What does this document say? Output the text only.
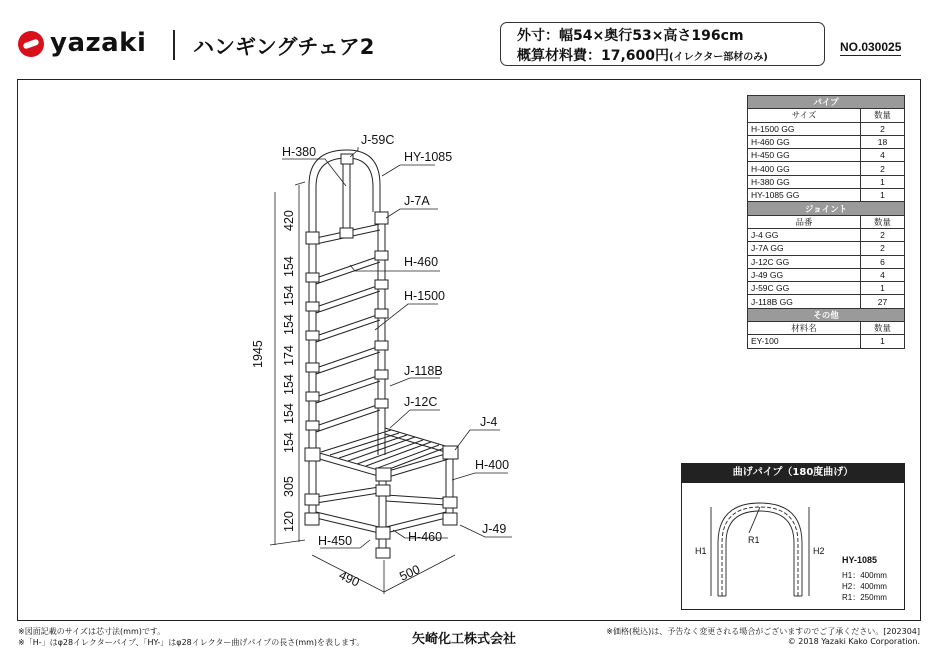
yazaki ハンギングチェア2	外寸：幅54×奥行53×高さ196cm
概算材料費：17,600円(イレクター部材のみ)
NO.030025
1945
420
154
154
154
174
154
154
154
305
120
490	500
H-380
J-59C
HY-1085
J-7A
H-460
H-1500
J-118B
J-12C
J-4
H-400
H-450	H-460
J-49
パイプ	
サイズ	数量
H-1500 GG	2
H-460 GG	18
H-450 GG	4
H-400 GG	2
H-380 GG	1
HY-1085 GG	1
ジョイント	
品番	数量
J-4 GG	2
J-7A GG	2
J-12C GG	6
J-49 GG	4
J-59C GG	1
J-118B GG	27
その他	
材料名	数量
EY-100	1
曲げパイプ（180度曲げ）
H1	H2
R1
HY-1085
H1：400mm
H2：400mm
R1：250mm
※図面記載のサイズは芯寸法(mm)です。
※「H-」はφ28イレクターパイプ、「HY-」はφ28イレクター曲げパイプの長さ(mm)を表します。	矢崎化工株式会社
※価格(税込)は、予告なく変更される場合がございますのでご了承ください。[202304]
© 2018 Yazaki Kako Corporation.
